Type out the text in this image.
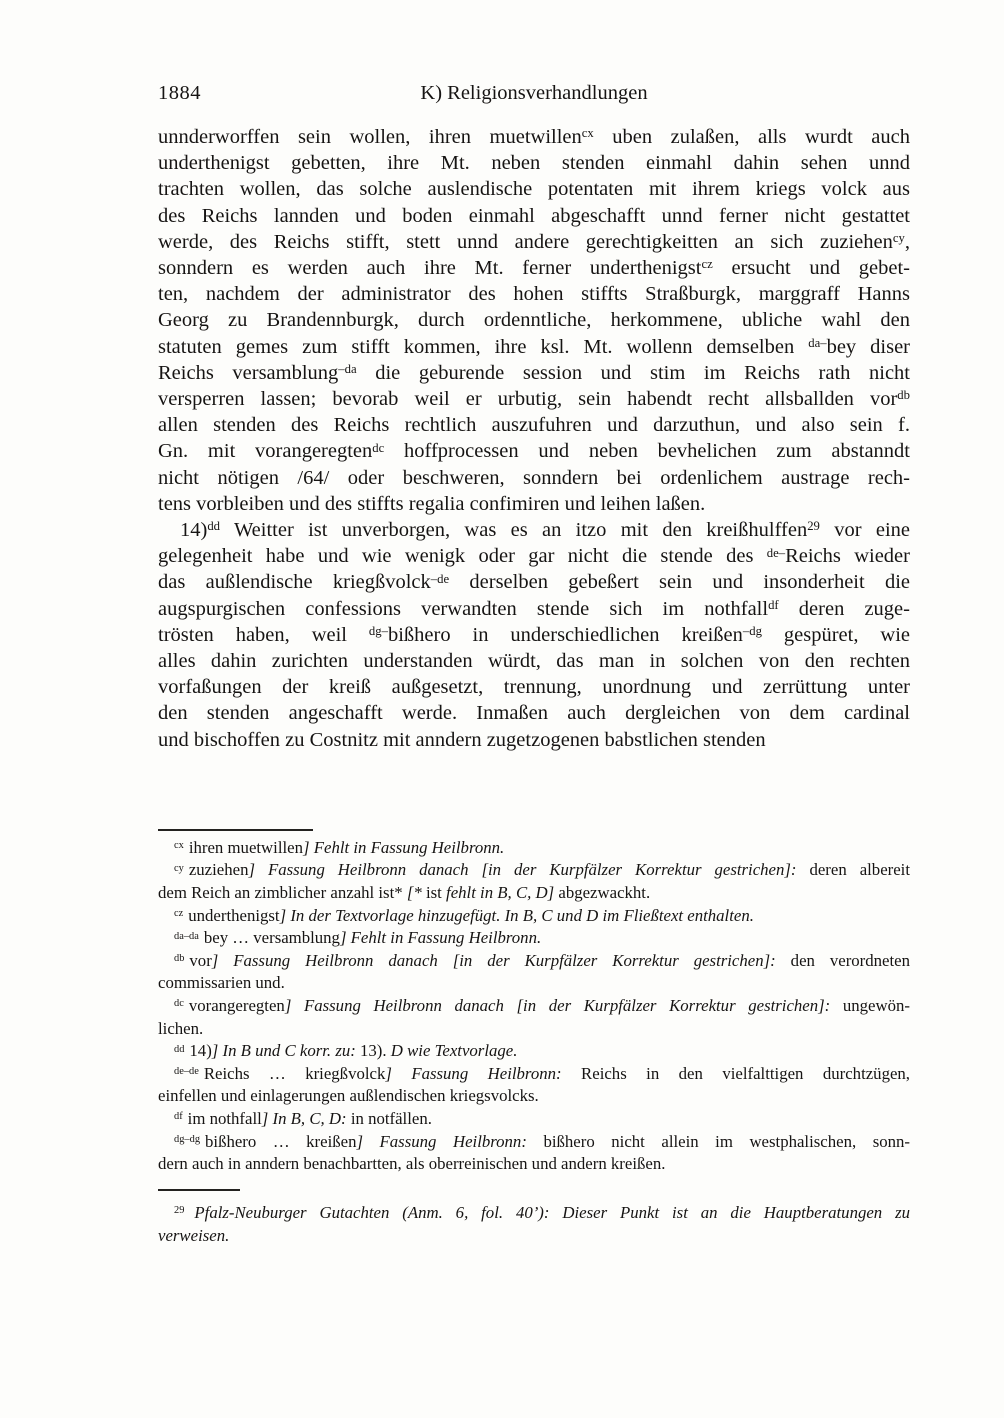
1884	K) Religionsverhandlungen
unnderworffen sein wollen, ihren muetwillen$^{cx}$ uben zulaßen, alls wurdt auch
underthenigst gebetten, ihre Mt. neben stenden einmahl dahin sehen unnd
trachten wollen, das solche auslendische potentaten mit ihrem kriegs volck aus
des Reichs lannden und boden einmahl abgeschafft unnd ferner nicht gestattet
werde, des Reichs stifft, stett unnd andere gerechtigkeitten an sich zuziehen$^{cy}$,
sonndern es werden auch ihre Mt. ferner underthenigst$^{cz}$ ersucht und gebet-
ten, nachdem der administrator des hohen stiffts Straßburgk, marggraff Hanns
Georg zu Brandennburgk, durch ordenntliche, herkommene, ubliche wahl den
statuten gemes zum stifft kommen, ihre ksl. Mt. wollenn demselben $^{da-}$bey diser
Reichs versamblung$^{-da}$ die geburende session und stim im Reichs rath nicht
versperren lassen; bevorab weil er urbutig, sein habendt recht allsballden vor$^{db}$
allen stenden des Reichs rechtlich auszufuhren und darzuthun, und also sein f.
Gn. mit vorangeregten$^{dc}$ hoffprocessen und neben bevhelichen zum abstanndt
nicht nötigen /64/ oder beschweren, sonndern bei ordenlichem austrage rech-
tens vorbleiben und des stiffts regalia confimiren und leihen laßen.
14)$^{dd}$ Weitter ist unverborgen, was es an itzo mit den kreißhulffen$^{29}$ vor eine
gelegenheit habe und wie wenigk oder gar nicht die stende des $^{de-}$Reichs wieder
das außlendische kriegßvolck$^{-de}$ derselben gebeßert sein und insonderheit die
augspurgischen confessions verwandten stende sich im nothfall$^{df}$ deren zuge-
trösten haben, weil $^{dg-}$bißhero in underschiedlichen kreißen$^{-dg}$ gespüret, wie
alles dahin zurichten understanden würdt, das man in solchen von den rechten
vorfaßungen der kreiß außgesetzt, trennung, unordnung und zerrüttung unter
den stenden angeschafft werde. Inmaßen auch dergleichen von dem cardinal
und bischoffen zu Costnitz mit anndern zugetzogenen babstlichen stenden
$^{cx}$ ihren muetwillen] Fehlt in Fassung Heilbronn.
$^{cy}$ zuziehen] Fassung Heilbronn danach [in der Kurpfälzer Korrektur gestrichen]: deren albereit
dem Reich an zimblicher anzahl ist* [* ist fehlt in B, C, D] abgezwackht.
$^{cz}$ underthenigst] In der Textvorlage hinzugefügt. In B, C und D im Fließtext enthalten.
$^{da-da}$ bey … versamblung] Fehlt in Fassung Heilbronn.
$^{db}$ vor] Fassung Heilbronn danach [in der Kurpfälzer Korrektur gestrichen]: den verordneten
commissarien und.
$^{dc}$ vorangeregten] Fassung Heilbronn danach [in der Kurpfälzer Korrektur gestrichen]: ungewön-
lichen.
$^{dd}$ 14)] In B und C korr. zu: 13). D wie Textvorlage.
$^{de-de}$ Reichs … kriegßvolck] Fassung Heilbronn: Reichs in den vielfalttigen durchtzügen,
einfellen und einlagerungen außlendischen kriegsvolcks.
$^{df}$ im nothfall] In B, C, D: in notfällen.
$^{dg-dg}$ bißhero … kreißen] Fassung Heilbronn: bißhero nicht allein im westphalischen, sonn-
dern auch in anndern benachbartten, als oberreinischen und andern kreißen.
$^{29}$ Pfalz-Neuburger Gutachten (Anm. 6, fol. 40’): Dieser Punkt ist an die Hauptberatungen zu
verweisen.
